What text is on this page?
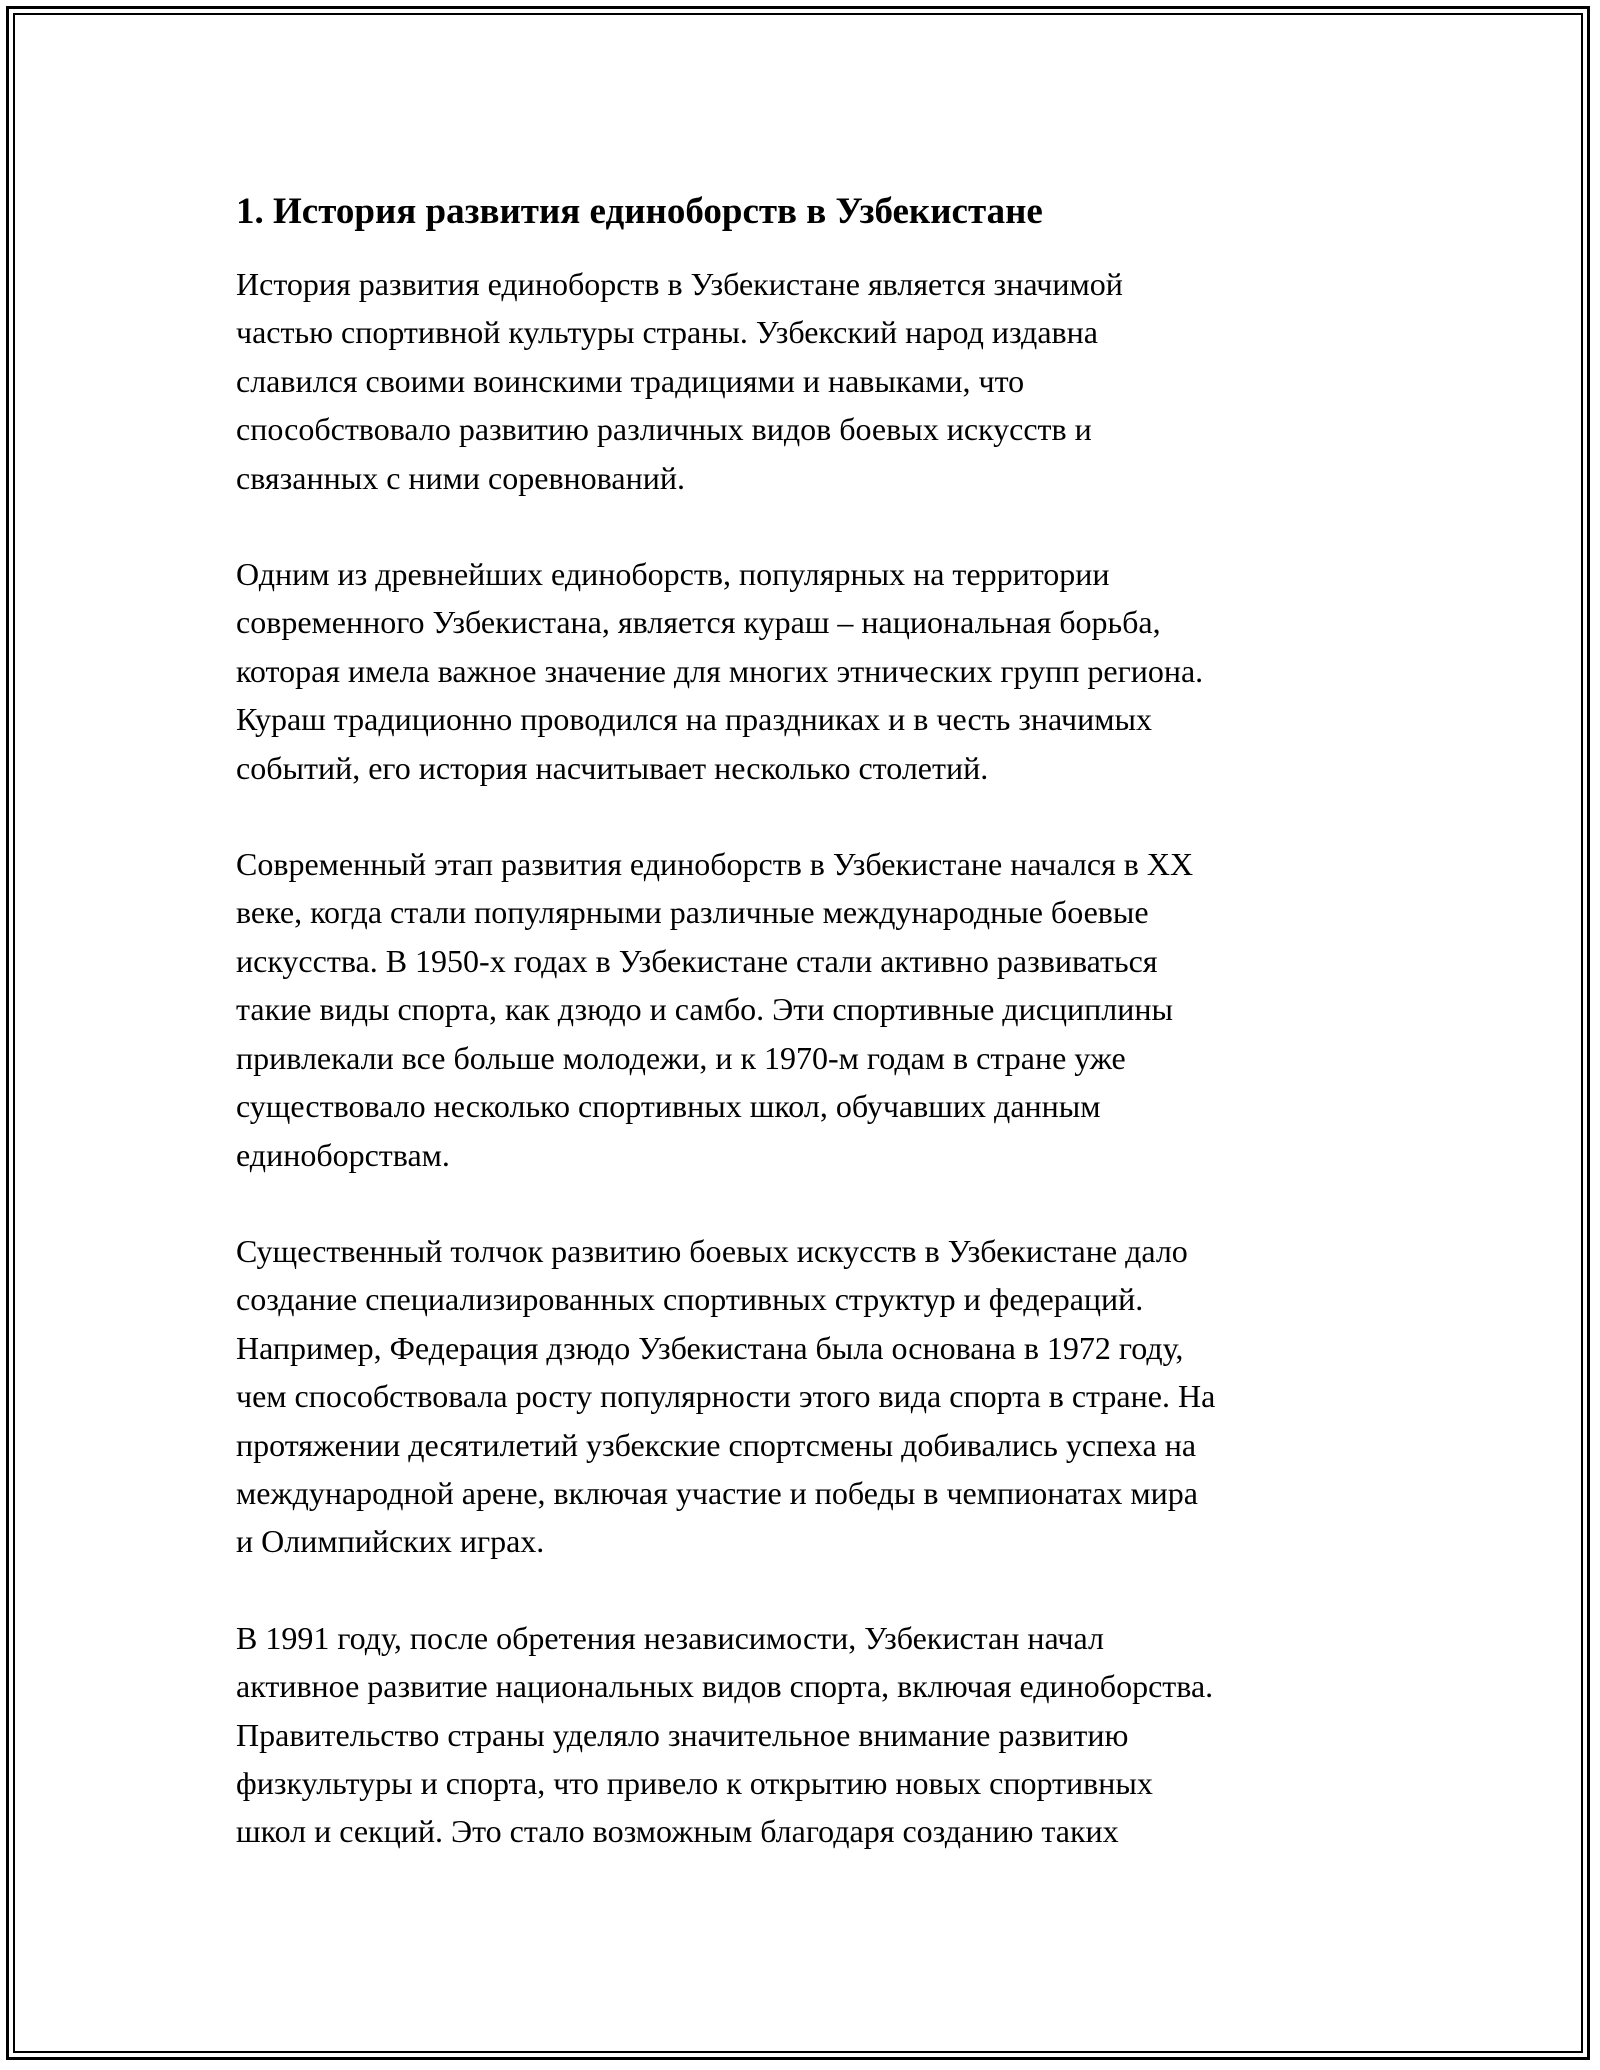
1. История развития единоборств в Узбекистане

История развития единоборств в Узбекистане является значимой
частью спортивной культуры страны. Узбекский народ издавна
славился своими воинскими традициями и навыками, что
способствовало развитию различных видов боевых искусств и
связанных с ними соревнований.

Одним из древнейших единоборств, популярных на территории
современного Узбекистана, является кураш – национальная борьба,
которая имела важное значение для многих этнических групп региона.
Кураш традиционно проводился на праздниках и в честь значимых
событий, его история насчитывает несколько столетий.

Современный этап развития единоборств в Узбекистане начался в XX
веке, когда стали популярными различные международные боевые
искусства. В 1950-х годах в Узбекистане стали активно развиваться
такие виды спорта, как дзюдо и самбо. Эти спортивные дисциплины
привлекали все больше молодежи, и к 1970-м годам в стране уже
существовало несколько спортивных школ, обучавших данным
единоборствам.

Существенный толчок развитию боевых искусств в Узбекистане дало
создание специализированных спортивных структур и федераций.
Например, Федерация дзюдо Узбекистана была основана в 1972 году,
чем способствовала росту популярности этого вида спорта в стране. На
протяжении десятилетий узбекские спортсмены добивались успеха на
международной арене, включая участие и победы в чемпионатах мира
и Олимпийских играх.

В 1991 году, после обретения независимости, Узбекистан начал
активное развитие национальных видов спорта, включая единоборства.
Правительство страны уделяло значительное внимание развитию
физкультуры и спорта, что привело к открытию новых спортивных
школ и секций. Это стало возможным благодаря созданию таких
